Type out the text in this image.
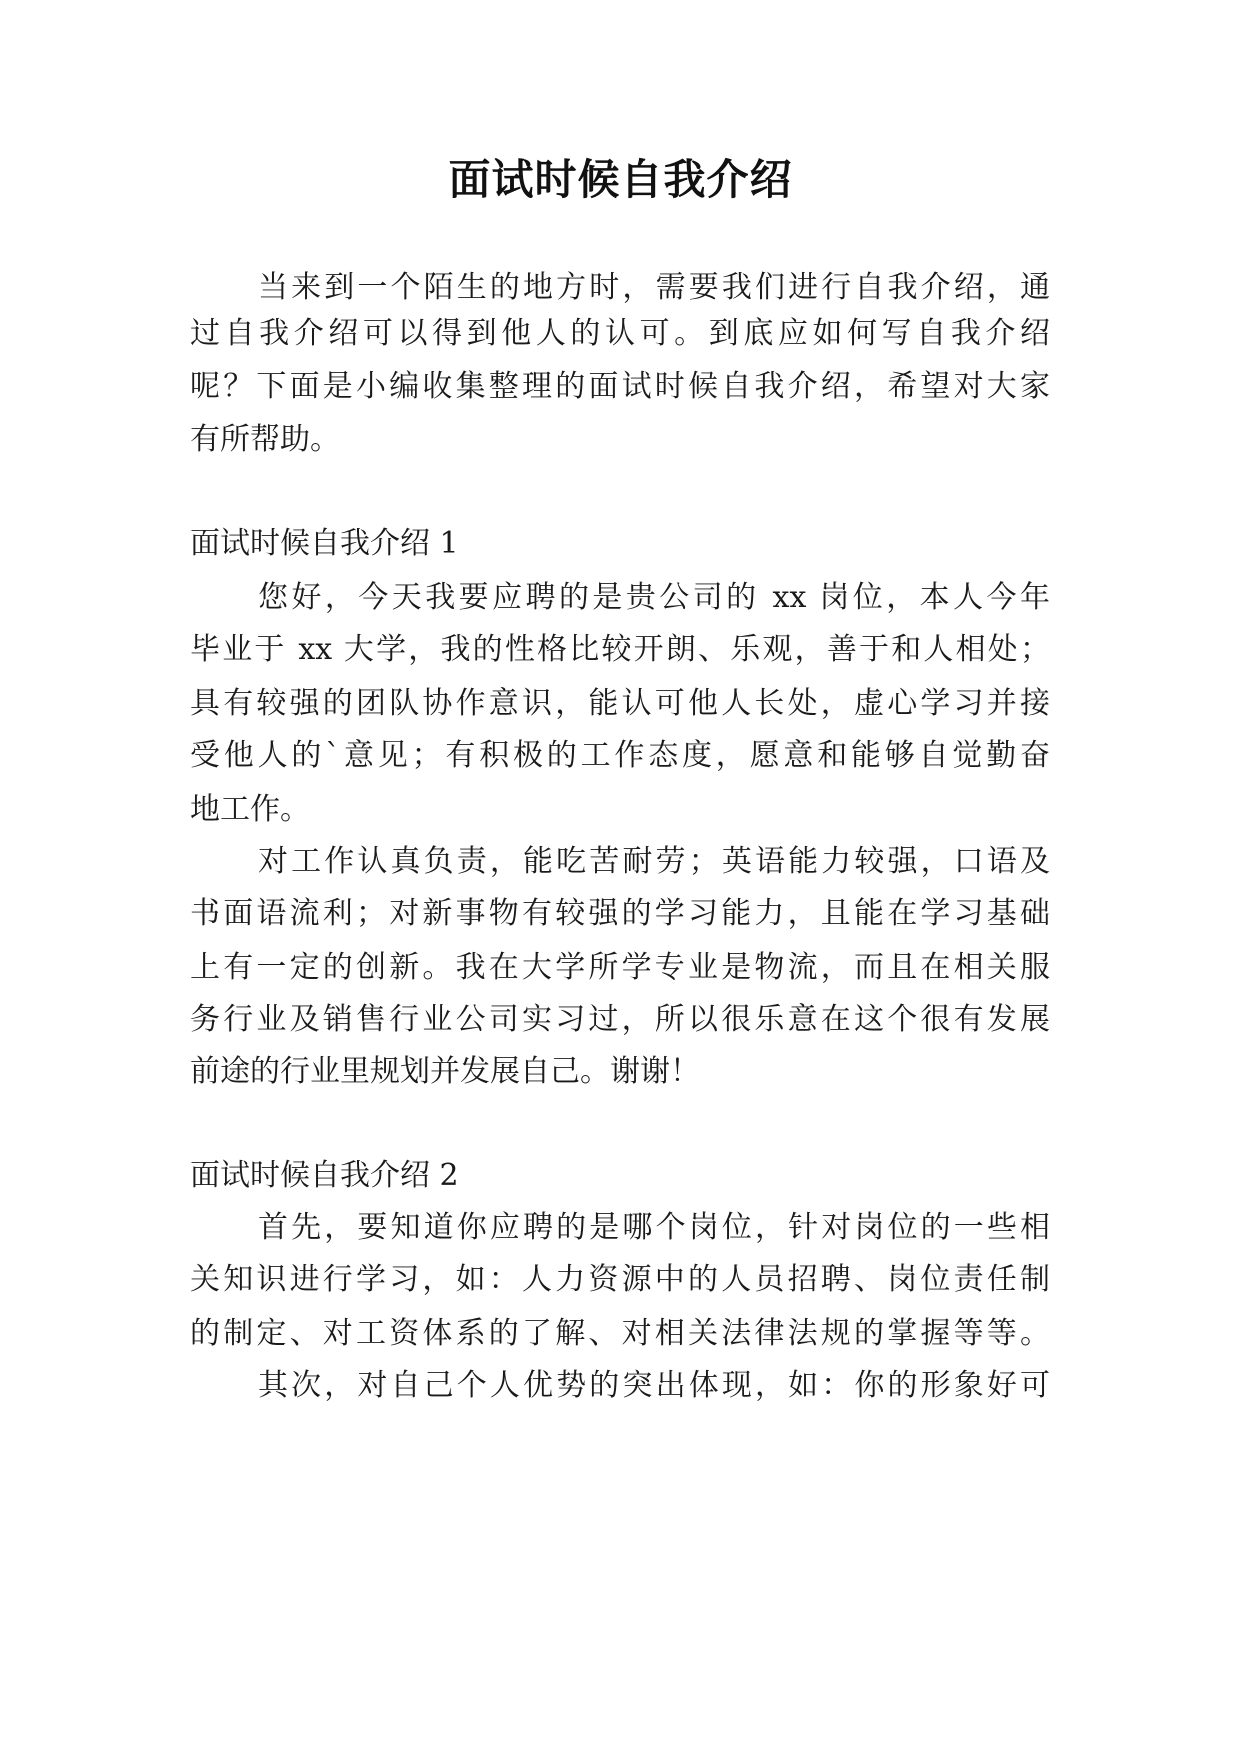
面试时候自我介绍

当来到一个陌生的地方时，需要我们进行自我介绍，通

过自我介绍可以得到他人的认可。到底应如何写自我介绍

呢？下面是小编收集整理的面试时候自我介绍，希望对大家

有所帮助。

面试时候自我介绍 1

您好，今天我要应聘的是贵公司的 xx 岗位，本人今年

毕业于 xx 大学，我的性格比较开朗、乐观，善于和人相处；

具有较强的团队协作意识，能认可他人长处，虚心学习并接

受他人的`意见；有积极的工作态度，愿意和能够自觉勤奋

地工作。

对工作认真负责，能吃苦耐劳；英语能力较强，口语及

书面语流利；对新事物有较强的学习能力，且能在学习基础

上有一定的创新。我在大学所学专业是物流，而且在相关服

务行业及销售行业公司实习过，所以很乐意在这个很有发展

前途的行业里规划并发展自己。谢谢！

面试时候自我介绍 2

首先，要知道你应聘的是哪个岗位，针对岗位的一些相

关知识进行学习，如：人力资源中的人员招聘、岗位责任制

的制定、对工资体系的了解、对相关法律法规的掌握等等。

其次，对自己个人优势的突出体现，如：你的形象好可
